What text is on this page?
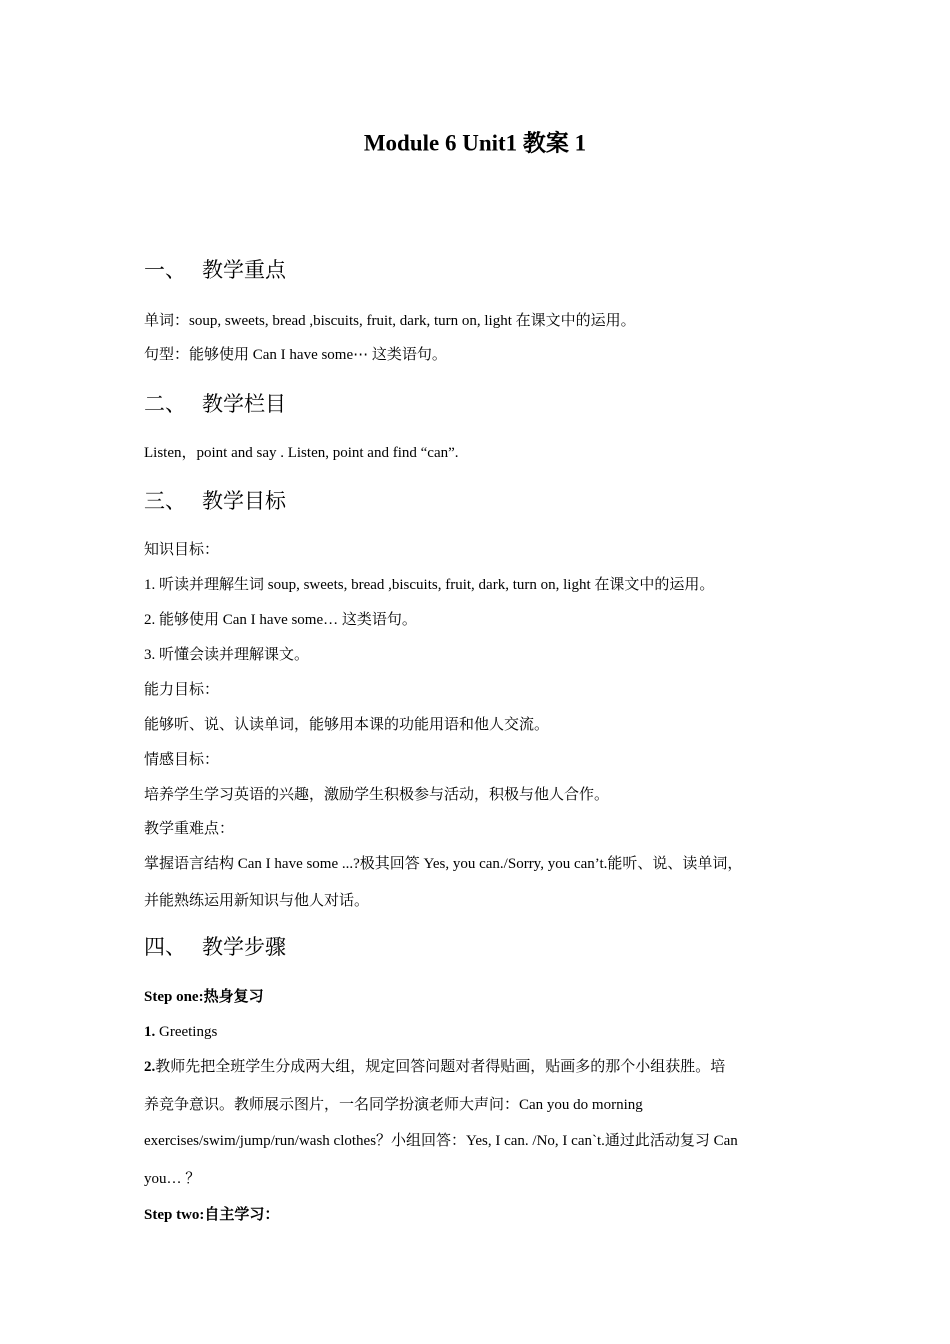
Module 6 Unit1 教案 1
一、 教学重点
单词：soup, sweets, bread ,biscuits, fruit, dark, turn on, light 在课文中的运用。
句型：能够使用 Can I have some⋯ 这类语句。
二、 教学栏目
Listen，point and say . Listen, point and find “can”.
三、 教学目标
知识目标：
1. 听读并理解生词 soup, sweets, bread ,biscuits, fruit, dark, turn on, light 在课文中的运用。
2. 能够使用 Can I have some… 这类语句。
3. 听懂会读并理解课文。
能力目标：
能够听、说、认读单词，能够用本课的功能用语和他人交流。
情感目标：
培养学生学习英语的兴趣，激励学生积极参与活动，积极与他人合作。
教学重难点：
掌握语言结构 Can I have some ...?极其回答 Yes, you can./Sorry, you can’t.能听、说、读单词，
并能熟练运用新知识与他人对话。
四、 教学步骤
Step one:热身复习
1. Greetings
2.教师先把全班学生分成两大组，规定回答问题对者得贴画，贴画多的那个小组获胜。培
养竞争意识。教师展示图片，一名同学扮演老师大声问：Can you do morning
exercises/swim/jump/run/wash clothes？小组回答：Yes, I can. /No, I can`t.通过此活动复习 Can
you… ？
Step two:自主学习：
